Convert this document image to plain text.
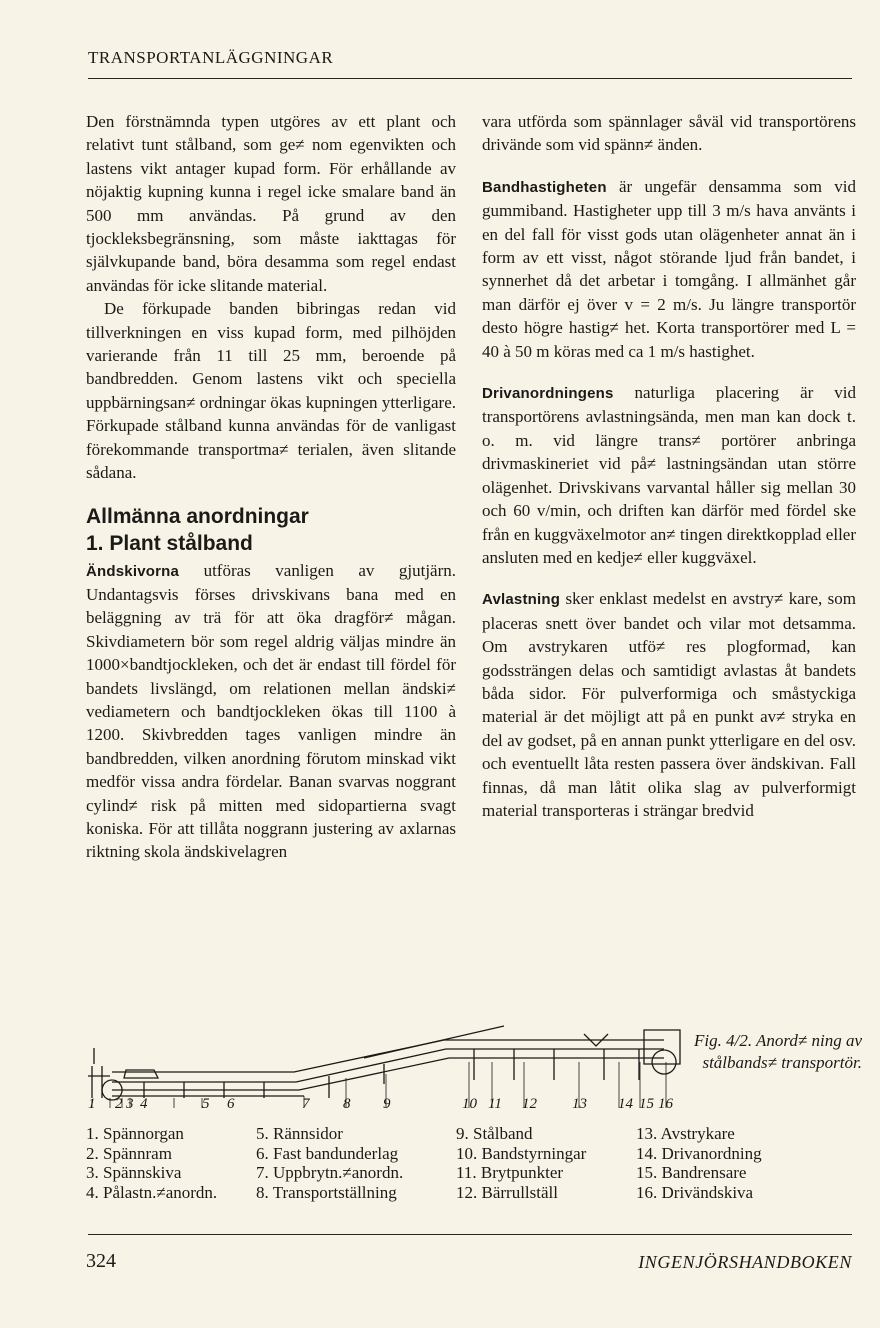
TRANSPORTANLÄGGNINGAR

Den förstnämnda typen utgöres av ett plant och relativt tunt stålband, som ge≠ nom egenvikten och lastens vikt antager kupad form. För erhållande av nöjaktig kupning kunna i regel icke smalare band än 500 mm användas. På grund av den tjockleksbegränsning, som måste iakttagas för självkupande band, böra desamma som regel endast användas för icke slitande material.

De förkupade banden bibringas redan vid tillverkningen en viss kupad form, med pilhöjden varierande från 11 till 25 mm, beroende på bandbredden. Genom lastens vikt och speciella uppbärningsan≠ ordningar ökas kupningen ytterligare. Förkupade stålband kunna användas för de vanligast förekommande transportma≠ terialen, även slitande sådana.

Allmänna anordningar
1. Plant stålband

Ändskivorna utföras vanligen av gjutjärn. Undantagsvis förses drivskivans bana med en beläggning av trä för att öka dragför≠ mågan. Skivdiametern bör som regel aldrig väljas mindre än 1000×bandtjockleken, och det är endast till fördel för bandets livslängd, om relationen mellan ändski≠ vediametern och bandtjockleken ökas till 1100 à 1200. Skivbredden tages vanligen mindre än bandbredden, vilken anordning förutom minskad vikt medför vissa andra fördelar. Banan svarvas noggrant cylind≠ risk på mitten med sidopartierna svagt koniska. För att tillåta noggrann justering av axlarnas riktning skola ändskivelagren

vara utförda som spännlager såväl vid transportörens drivände som vid spänn≠ änden.

Bandhastigheten är ungefär densamma som vid gummiband. Hastigheter upp till 3 m/s hava använts i en del fall för visst gods utan olägenheter annat än i form av ett visst, något störande ljud från bandet, i synnerhet då det arbetar i tomgång. I allmänhet går man därför ej över v = 2 m/s. Ju längre transportör desto högre hastig≠ het. Korta transportörer med L = 40 à 50 m köras med ca 1 m/s hastighet.

Drivanordningens naturliga placering är vid transportörens avlastningsända, men man kan dock t. o. m. vid längre trans≠ portörer anbringa drivmaskineriet vid på≠ lastningsändan utan större olägenhet. Drivskivans varvantal håller sig mellan 30 och 60 v/min, och driften kan därför med fördel ske från en kuggväxelmotor an≠ tingen direktkopplad eller ansluten med en kedje≠ eller kuggväxel.

Avlastning sker enklast medelst en avstry≠ kare, som placeras snett över bandet och vilar mot detsamma. Om avstrykaren utfö≠ res plogformad, kan godssträngen delas och samtidigt avlastas åt bandets båda sidor. För pulverformiga och småstyckiga material är det möjligt att på en punkt av≠ stryka en del av godset, på en annan punkt ytterligare en del osv. och eventuellt låta resten passera över ändskivan. Fall finnas, då man låtit olika slag av pulverformigt material transporteras i strängar bredvid

1 2 3 4	5 6	7 8 9	10 11 12 13 14 15 16
Fig. 4/2. Anord≠ ning av stålbands≠ transportör.
1. Spännorgan
2. Spännram
3. Spännskiva
4. Pålastn.≠anordn.
5. Rännsidor
6. Fast bandunderlag
7. Uppbrytn.≠anordn.
8. Transportställning
9. Stålband
10. Bandstyrningar
11. Brytpunkter
12. Bärrullställ
13. Avstrykare
14. Drivanordning
15. Bandrensare
16. Drivändskiva
324	INGENJÖRSHANDBOKEN
